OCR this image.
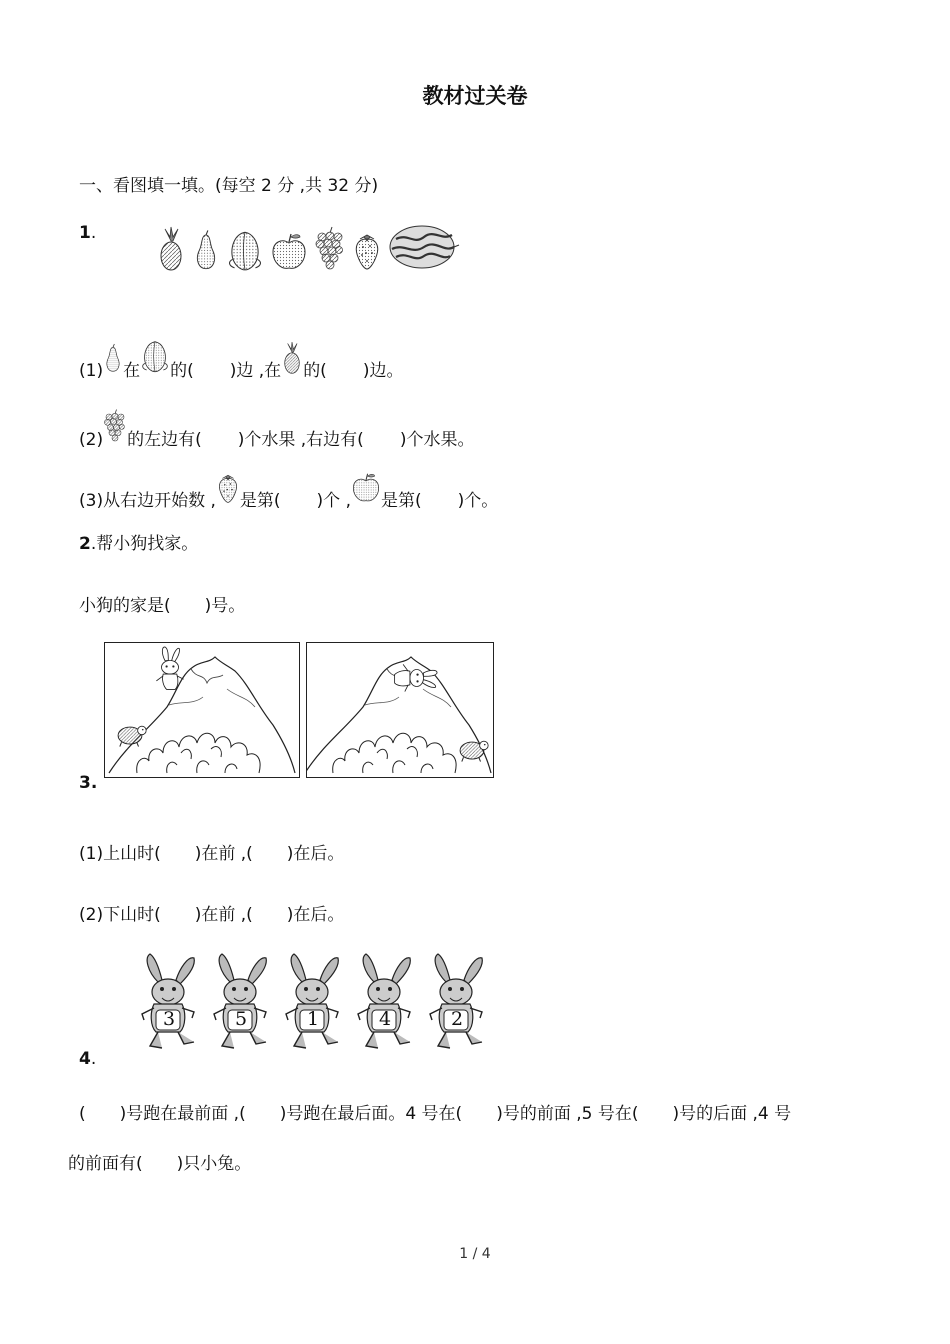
教材过关卷
一、看图填一填。(每空 2 分 ,共 32 分)
1.
(1) 在 的( )边 ,在 的( )边。
(2) 的左边有( )个水果 ,右边有( )个水果。
(3)从右边开始数 , 是第( )个 , 是第( )个。
2.帮小狗找家。
小狗的家是(　　)号。
3.
(1)上山时(　　)在前 ,(　　)在后。
(2)下山时(　　)在前 ,(　　)在后。
3	5	1	4	2
4.
(　　)号跑在最前面 ,(　　)号跑在最后面。4 号在(　　)号的前面 ,5 号在(　　)号的后面 ,4 号
的前面有(　　)只小兔。
1 / 4
